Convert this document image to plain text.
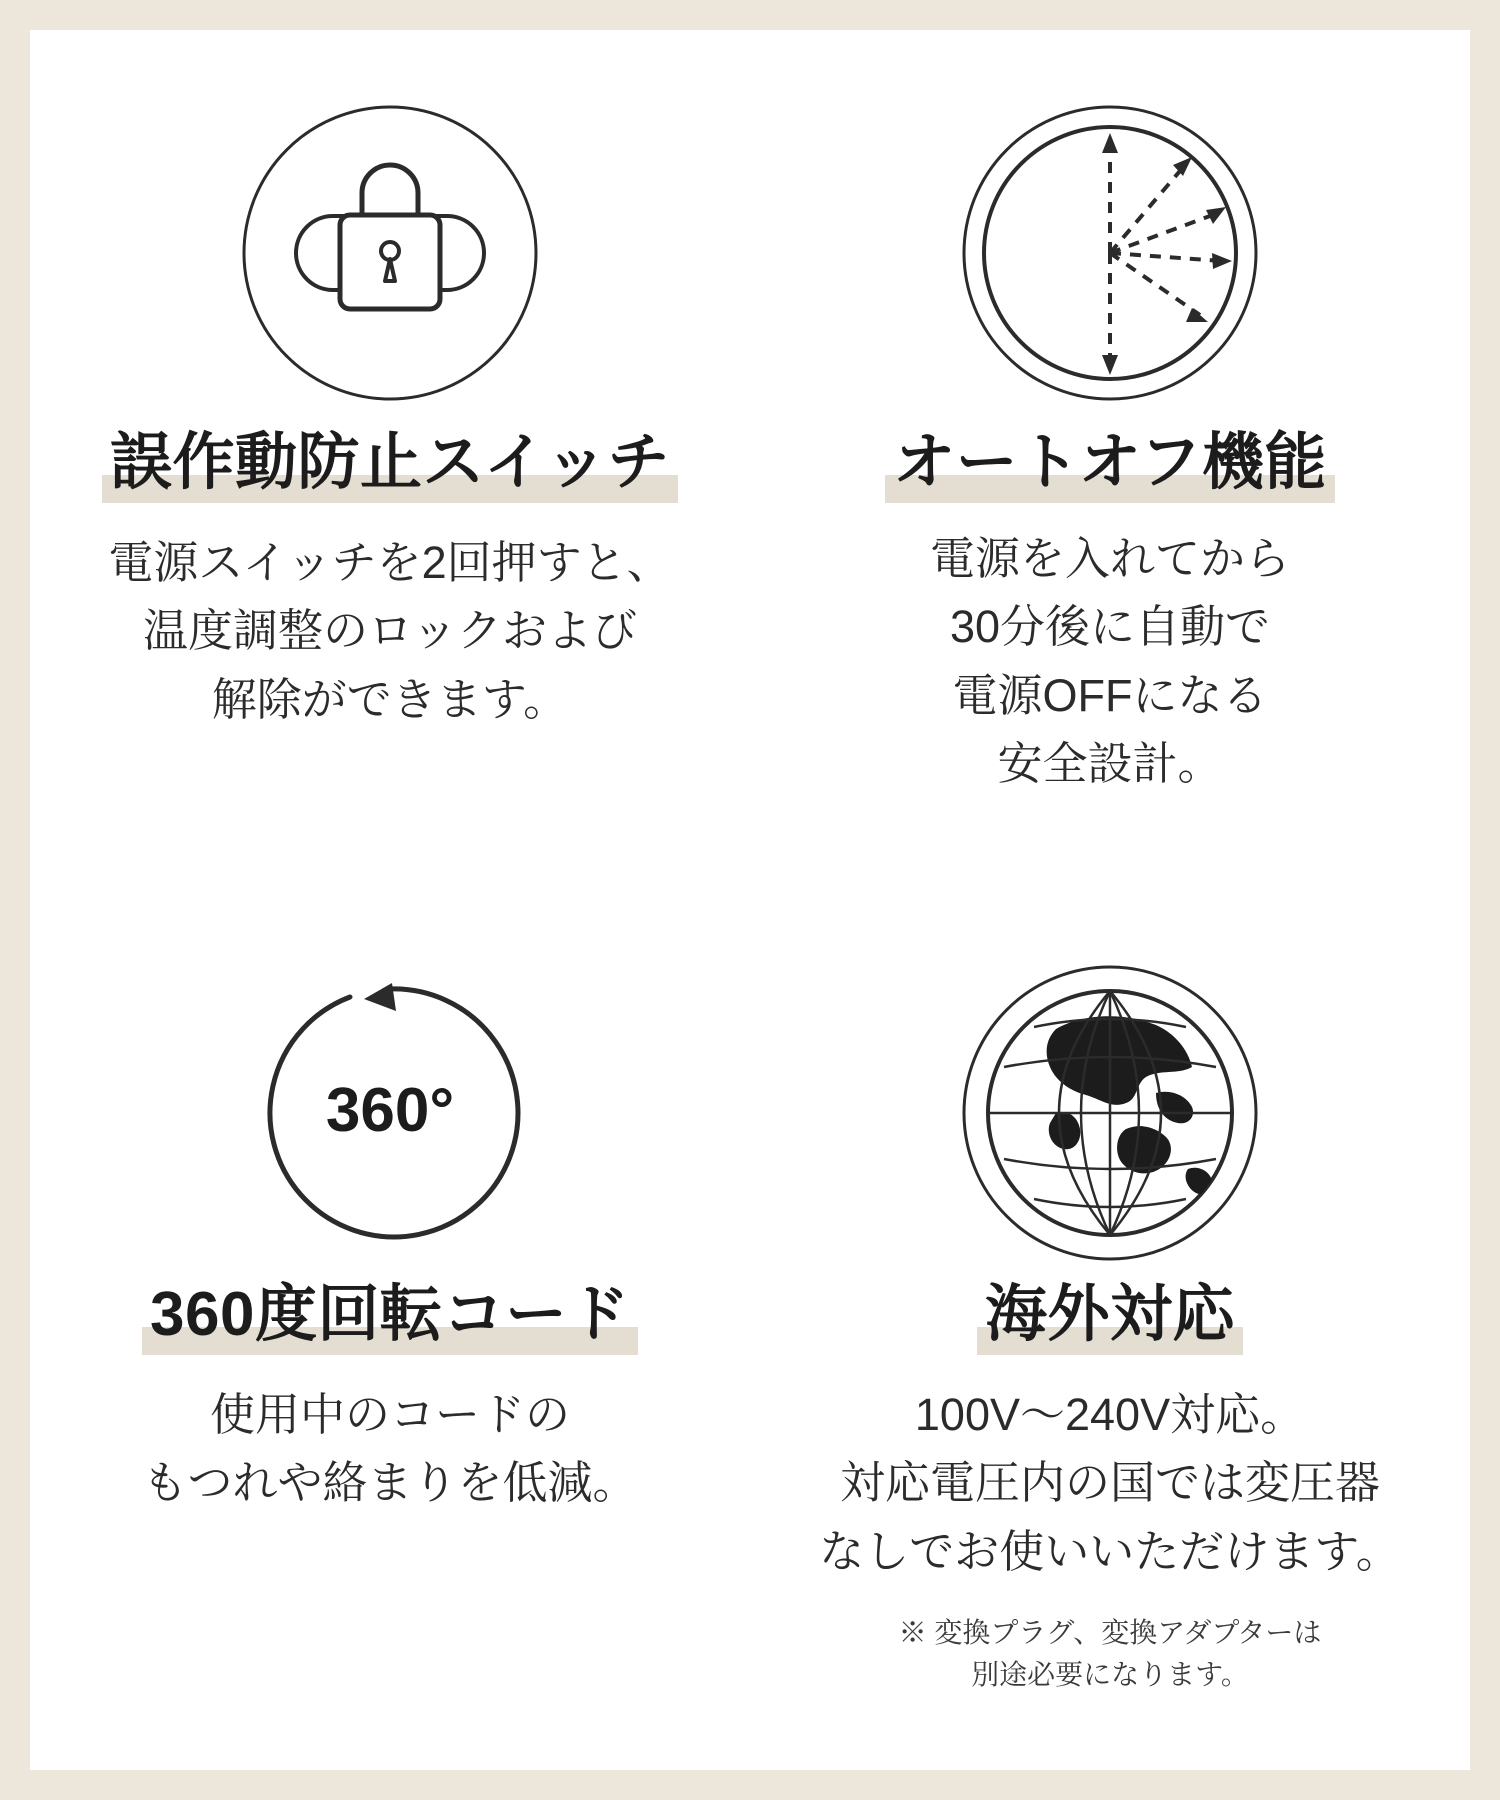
誤作動防止スイッチ
電源スイッチを2回押すと、
温度調整のロックおよび
解除ができます。
オートオフ機能
電源を入れてから
30分後に自動で
電源OFFになる
安全設計。
360°
360度回転コード
使用中のコードの
もつれや絡まりを低減。
海外対応
100V〜240V対応。
対応電圧内の国では変圧器
なしでお使いいただけます。
※ 変換プラグ、変換アダプターは
別途必要になります。
